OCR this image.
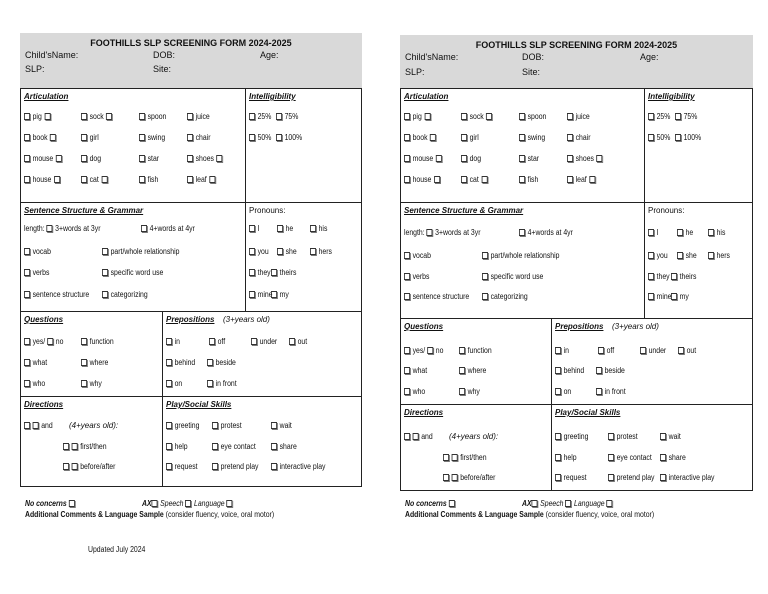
FOOTHILLS SLP SCREENING FORM 2024-2025
Child'sName:	DOB:	Age:
SLP:	Site:
Articulation
pig	sock	spoon	juice
book	girl	swing	chair
mouse	dog	star	shoes
house	cat	fish	leaf
Intelligibility
25%	75%
50%	100%
Sentence Structure & Grammar
length: 3+words at 3yr	4+words at 4yr
vocab	part/whole relationship
verbs	specific word use
sentence structure	categorizing
Pronouns:
I	he	his
you	she	hers
they	theirs
mine my
Questions
yes/ no	function
what	where
who	why
Prepositions (3+years old)
in	off	under	out
behind	beside
on	in front
Directions
and (4+years old):
first/then
before/after
Play/Social Skills
greeting	protest	wait
help	eye contact	share
request	pretend play	interactive play
No concerns	AX Speech Language
Additional Comments & Language Sample (consider fluency, voice, oral motor)
Updated July 2024
FOOTHILLS SLP SCREENING FORM 2024-2025
Child'sName:	DOB:	Age:
SLP:	Site:
Articulation
pig	sock	spoon	juice
book	girl	swing	chair
mouse	dog	star	shoes
house	cat	fish	leaf
Intelligibility
25%	75%
50%	100%
Sentence Structure & Grammar
length: 3+words at 3yr	4+words at 4yr
vocab	part/whole relationship
verbs	specific word use
sentence structure	categorizing
Pronouns:
I	he	his
you	she	hers
they	theirs
mine	my
Questions
yes/ no	function
what	where
who	why
Prepositions (3+years old)
in	off	under	out
behind	beside
on	in front
Directions
and (4+years old):
first/then
before/after
Play/Social Skills
greeting	protest	wait
help	eye contact	share
request	pretend play	interactive play
No concerns	AX Speech Language
Additional Comments & Language Sample (consider fluency, voice, oral motor)
